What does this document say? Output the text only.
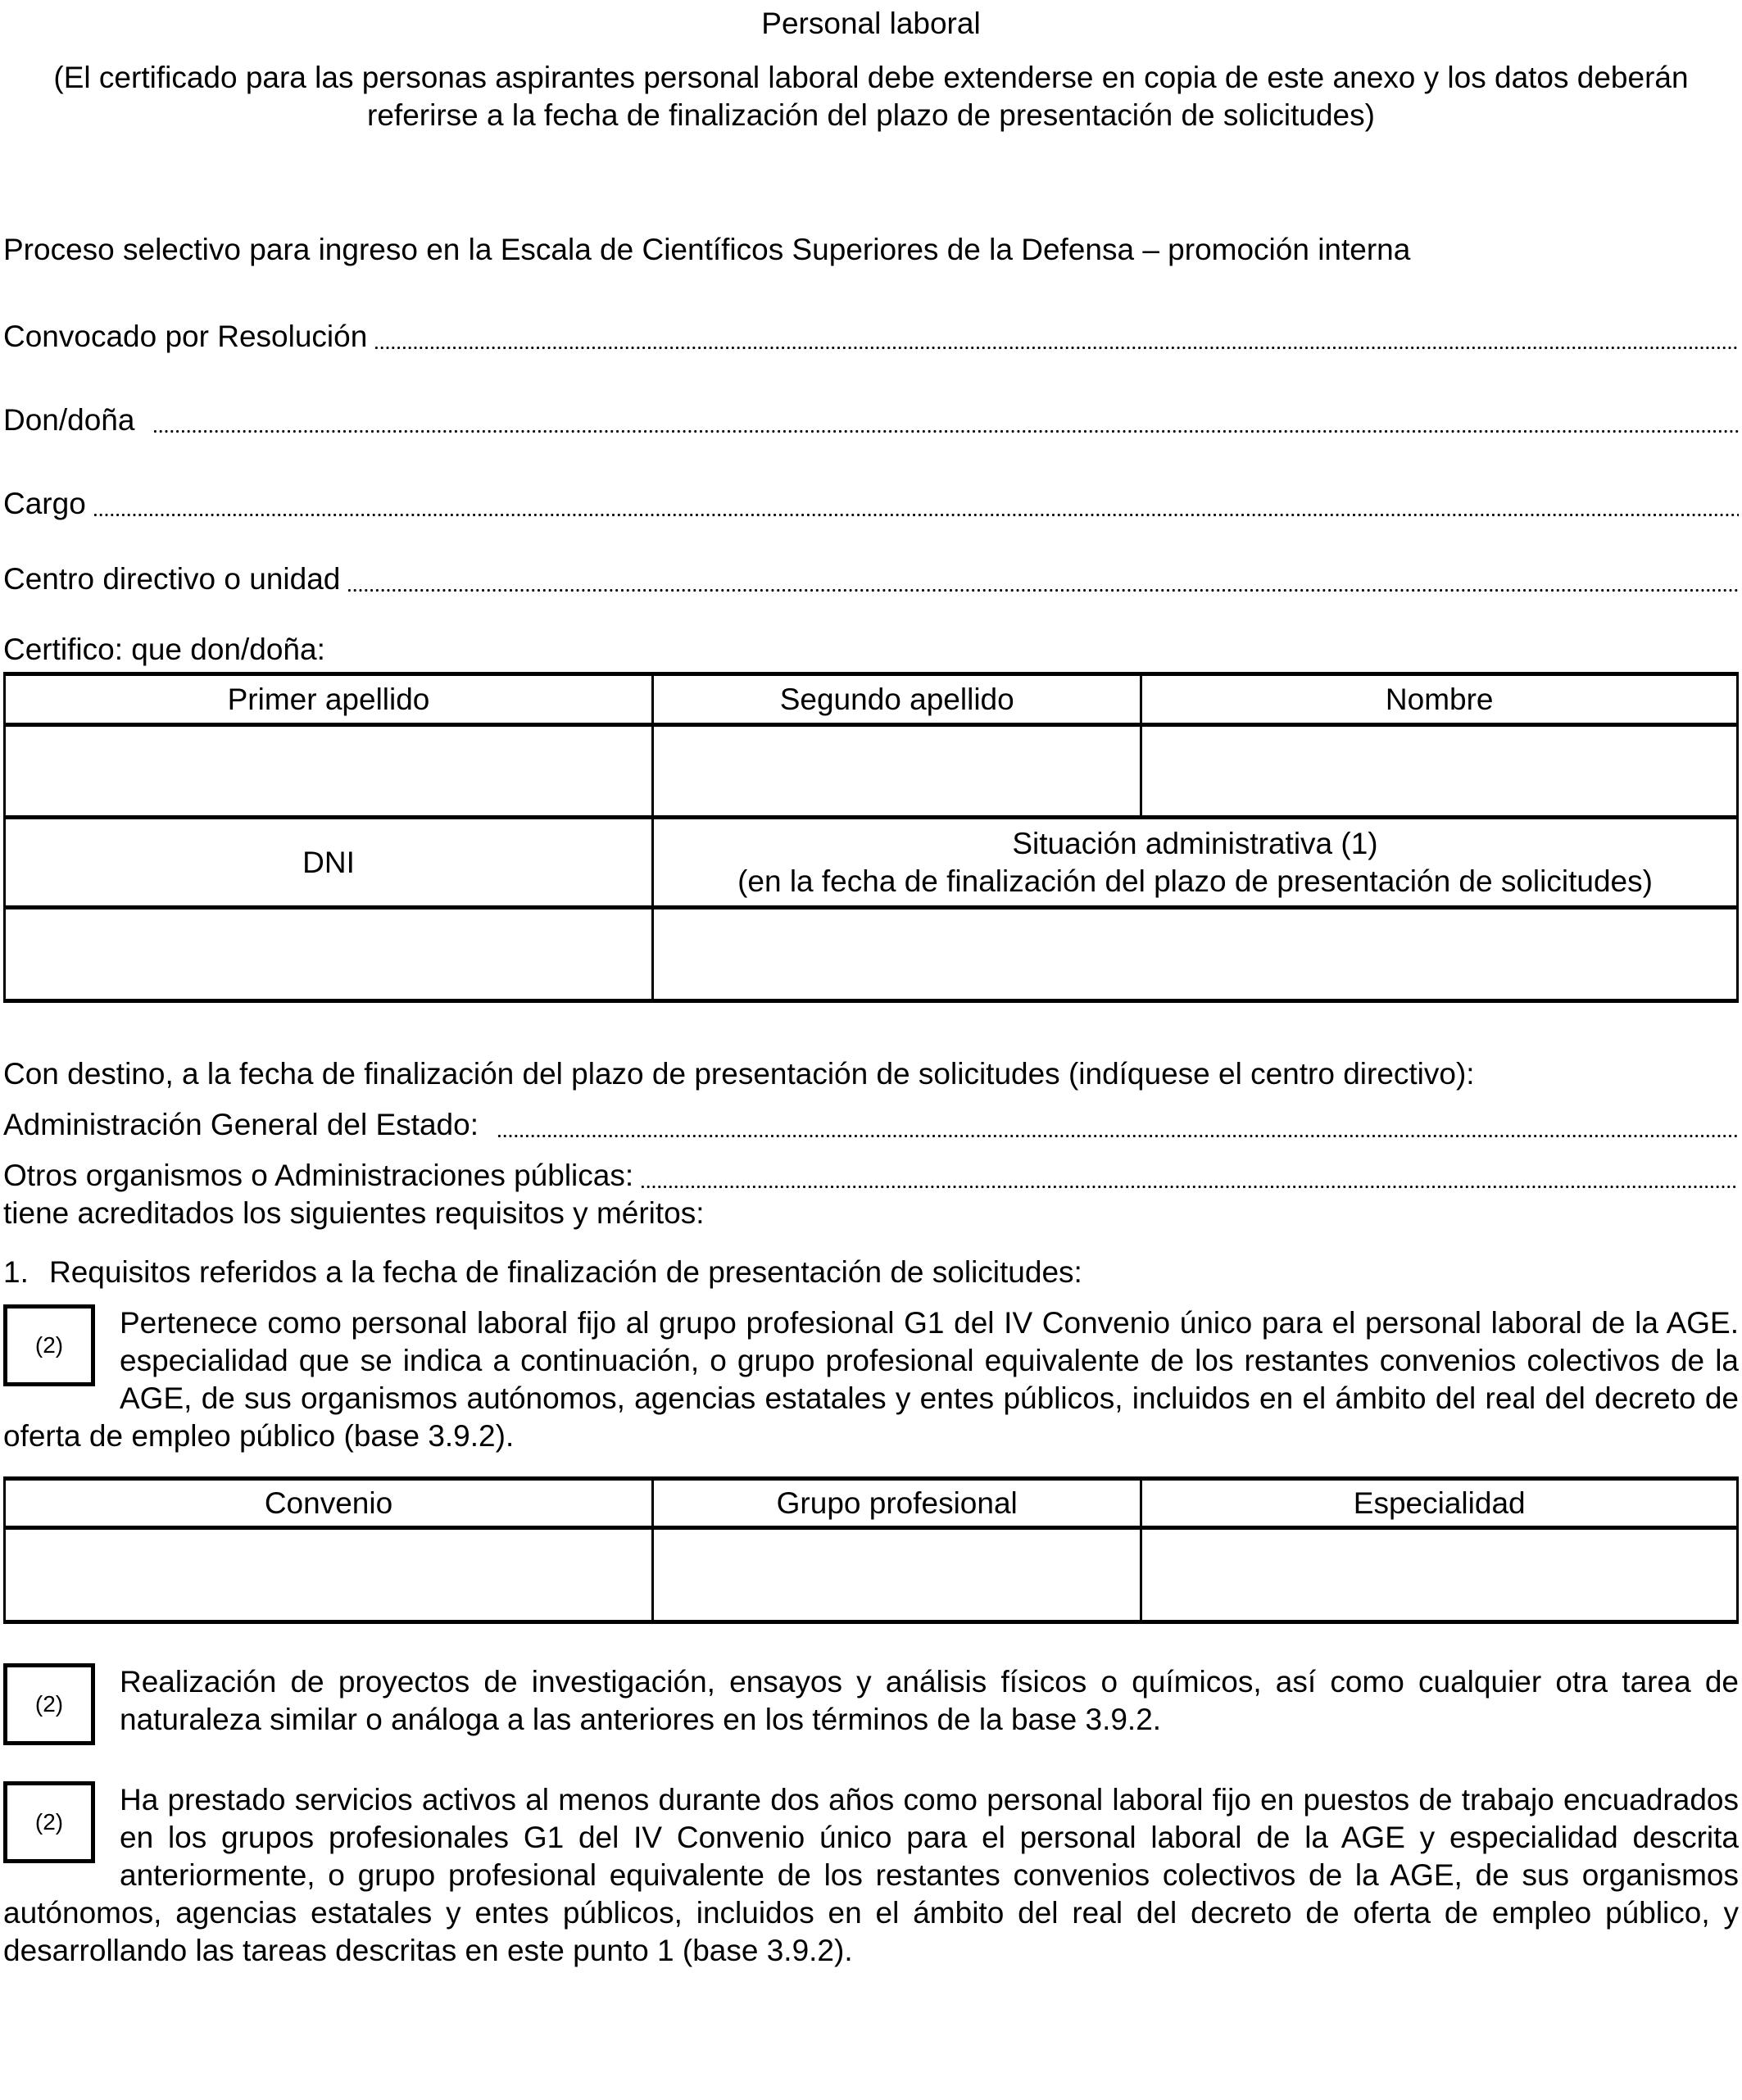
Personal laboral
(El certificado para las personas aspirantes personal laboral debe extenderse en copia de este anexo y los datos deberán referirse a la fecha de finalización del plazo de presentación de solicitudes)
Proceso selectivo para ingreso en la Escala de Científicos Superiores de la Defensa – promoción interna
Convocado por Resolución
Don/doña
Cargo
Centro directivo o unidad
Certifico: que don/doña:
Primer apellido	Segundo apellido	Nombre

DNI	Situación administrativa (1)
(en la fecha de finalización del plazo de presentación de solicitudes)	

Con destino, a la fecha de finalización del plazo de presentación de solicitudes (indíquese el centro directivo):
Administración General del Estado:
Otros organismos o Administraciones públicas:
tiene acreditados los siguientes requisitos y méritos:
1. Requisitos referidos a la fecha de finalización de presentación de solicitudes:
(2)
Pertenece como personal laboral fijo al grupo profesional G1 del IV Convenio único para el personal laboral de la AGE. especialidad que se indica a continuación, o grupo profesional equivalente de los restantes convenios colectivos de la AGE, de sus organismos autónomos, agencias estatales y entes públicos, incluidos en el ámbito del real del decreto de oferta de empleo público (base 3.9.2).
Convenio	Grupo profesional	Especialidad

(2)
Realización de proyectos de investigación, ensayos y análisis físicos o químicos, así como cualquier otra tarea de naturaleza similar o análoga a las anteriores en los términos de la base 3.9.2.
(2)
Ha prestado servicios activos al menos durante dos años como personal laboral fijo en puestos de trabajo encuadrados en los grupos profesionales G1 del IV Convenio único para el personal laboral de la AGE y especialidad descrita anteriormente, o grupo profesional equivalente de los restantes convenios colectivos de la AGE, de sus organismos autónomos, agencias estatales y entes públicos, incluidos en el ámbito del real del decreto de oferta de empleo público, y desarrollando las tareas descritas en este punto 1 (base 3.9.2).
